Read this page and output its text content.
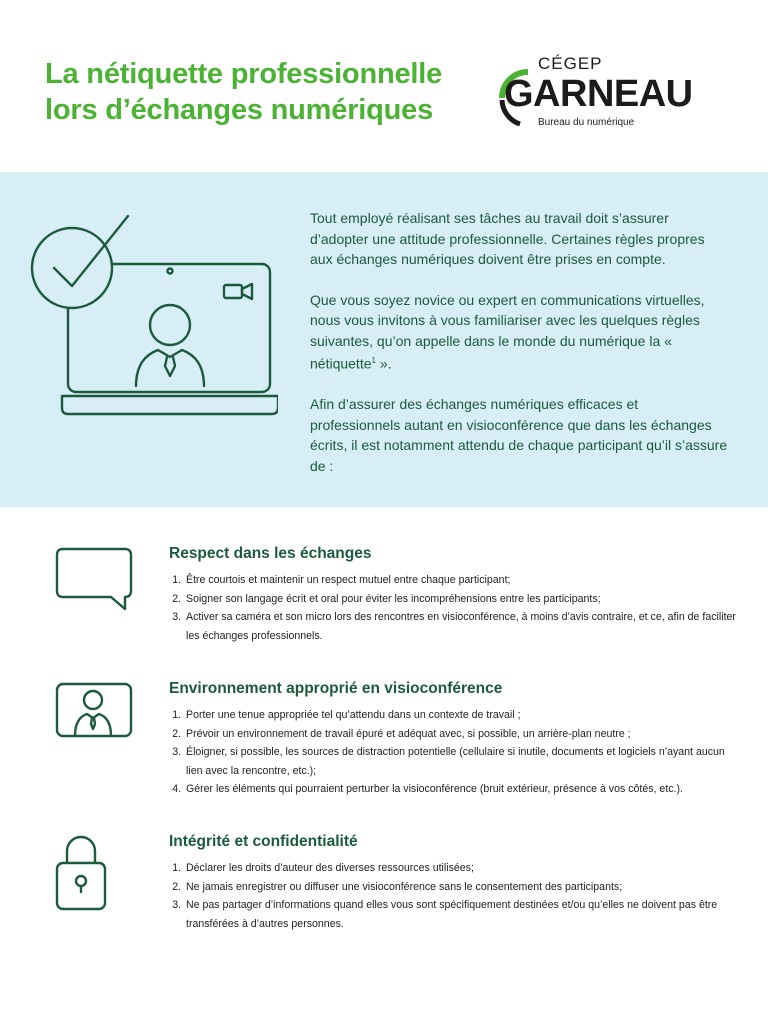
La nétiquette professionnelle
lors d’échanges numériques
CÉGEP
GARNEAU
Bureau du numérique

Tout employé réalisant ses tâches au travail doit s’assurer d’adopter une attitude professionnelle. Certaines règles propres aux échanges numériques doivent être prises en compte.

Que vous soyez novice ou expert en communications virtuelles, nous vous invitons à vous familiariser avec les quelques règles suivantes, qu’on appelle dans le monde du numérique la « nétiquette$^1$ ».

Afin d’assurer des échanges numériques efficaces et professionnels autant en visioconférence que dans les échanges écrits, il est notamment attendu de chaque participant qu’il s’assure de :

Respect dans les échanges
1. Être courtois et maintenir un respect mutuel entre chaque participant;
2. Soigner son langage écrit et oral pour éviter les incompréhensions entre les participants;
3. Activer sa caméra et son micro lors des rencontres en visioconférence, à moins d’avis contraire, et ce, afin de faciliter les échanges professionnels.
Environnement approprié en visioconférence
1. Porter une tenue appropriée tel qu’attendu dans un contexte de travail ;
2. Prévoir un environnement de travail épuré et adéquat avec, si possible, un arrière-plan neutre ;
3. Éloigner, si possible, les sources de distraction potentielle (cellulaire si inutile, documents et logiciels n’ayant aucun lien avec la rencontre, etc.);
4. Gérer les éléments qui pourraient perturber la visioconférence (bruit extérieur, présence à vos côtés, etc.).
Intégrité et confidentialité
1. Déclarer les droits d’auteur des diverses ressources utilisées;
2. Ne jamais enregistrer ou diffuser une visioconférence sans le consentement des participants;
3. Ne pas partager d’informations quand elles vous sont spécifiquement destinées et/ou qu’elles ne doivent pas être transférées à d’autres personnes.
